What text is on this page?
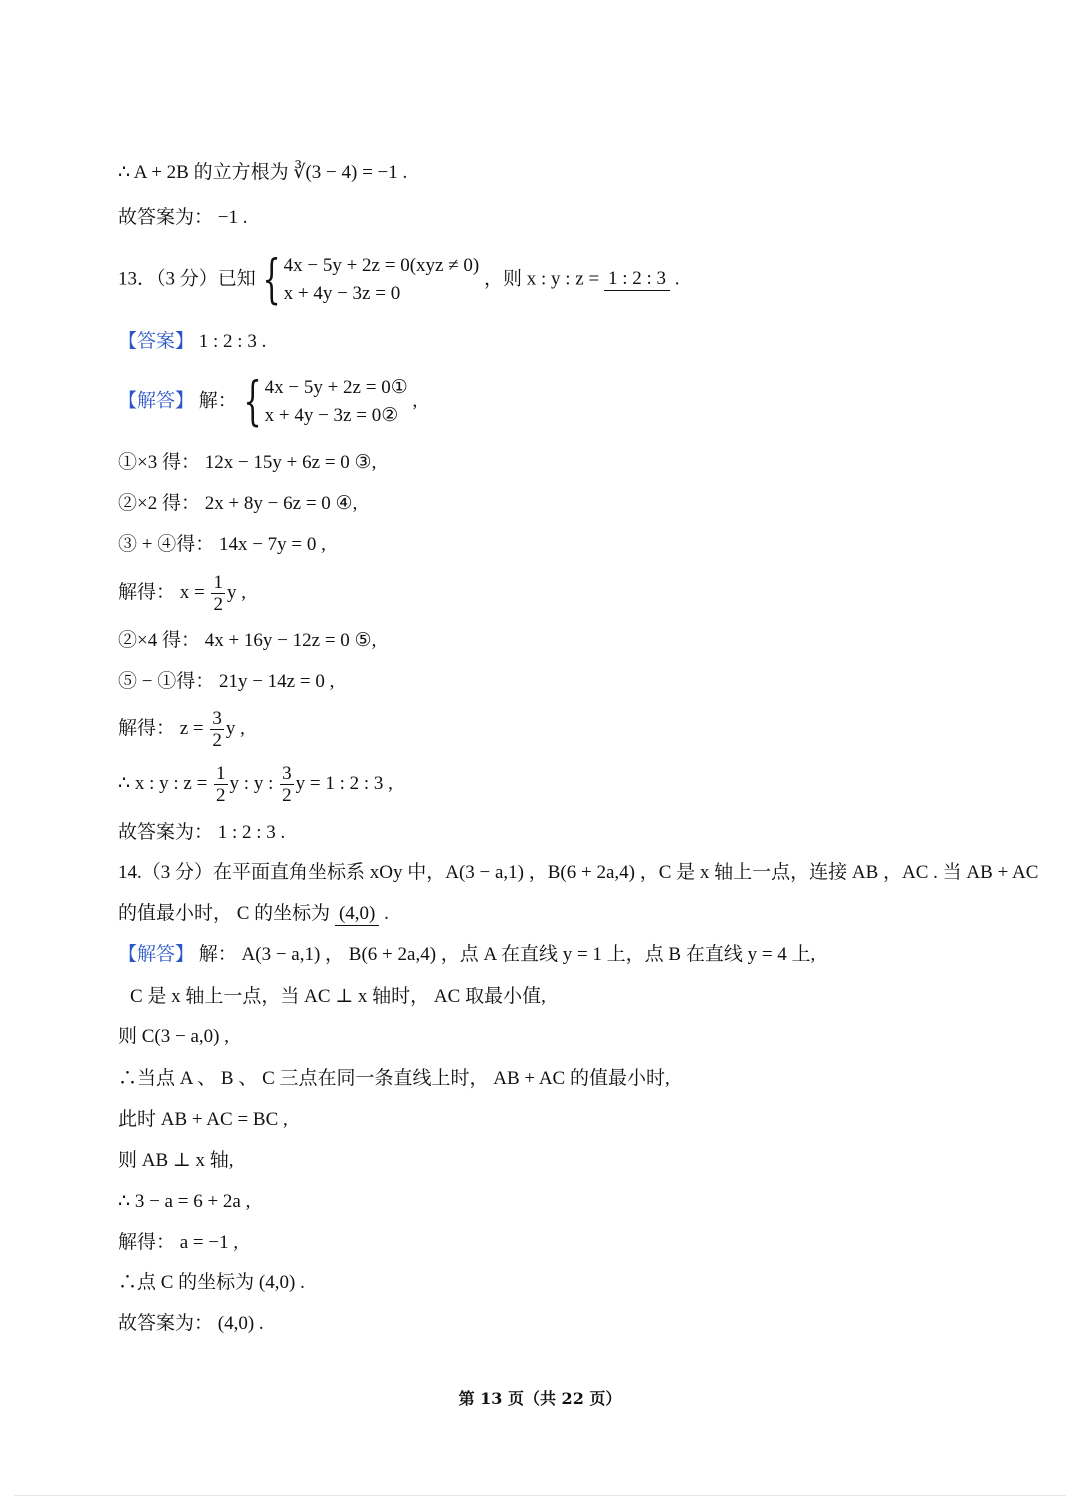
∴ A + 2B 的立方根为 ∛(3 − 4) = −1 .
故答案为： −1 .
13．（3 分）已知 { 4x − 5y + 2z = 0(xyz ≠ 0)
x + 4y − 3z = 0
，则 x : y : z = 1 : 2 : 3 .
【答案】 1 : 2 : 3 .
【解答】 解： { 4x − 5y + 2z = 0①
x + 4y − 3z = 0②
,
①×3 得： 12x − 15y + 6z = 0 ③,
②×2 得： 2x + 8y − 6z = 0 ④,
③ + ④得： 14x − 7y = 0 ,
解得： $x = \frac{1}{2}$ y ,
②×4 得： 4x + 16y − 12z = 0 ⑤,
⑤ − ①得： 21y − 14z = 0 ,
解得： $z = \frac{3}{2}$ y ,
∴ x : y : $z = \frac{1}{2}$ y : y : $\frac{3}{2}$ y = 1 : 2 : 3 ,
故答案为： 1 : 2 : 3 .
14.（3 分）在平面直角坐标系 xOy 中，A(3 − a,1) ，B(6 + 2a,4) ，C 是 x 轴上一点，连接 AB ，AC . 当 AB + AC
的值最小时， C 的坐标为 (4,0) .
【解答】 解： A(3 − a,1) ， B(6 + 2a,4) ，点 A 在直线 y = 1 上，点 B 在直线 y = 4 上,
C 是 x 轴上一点，当 AC ⊥ x 轴时， AC 取最小值,
则 C(3 − a,0) ,
∴当点 A 、 B 、 C 三点在同一条直线上时， AB + AC 的值最小时,
此时 AB + AC = BC ,
则 AB ⊥ x 轴,
∴ 3 − a = 6 + 2a ,
解得： a = −1 ,
∴点 C 的坐标为 (4,0) .
故答案为： (4,0) .
第 13 页（共 22 页）
